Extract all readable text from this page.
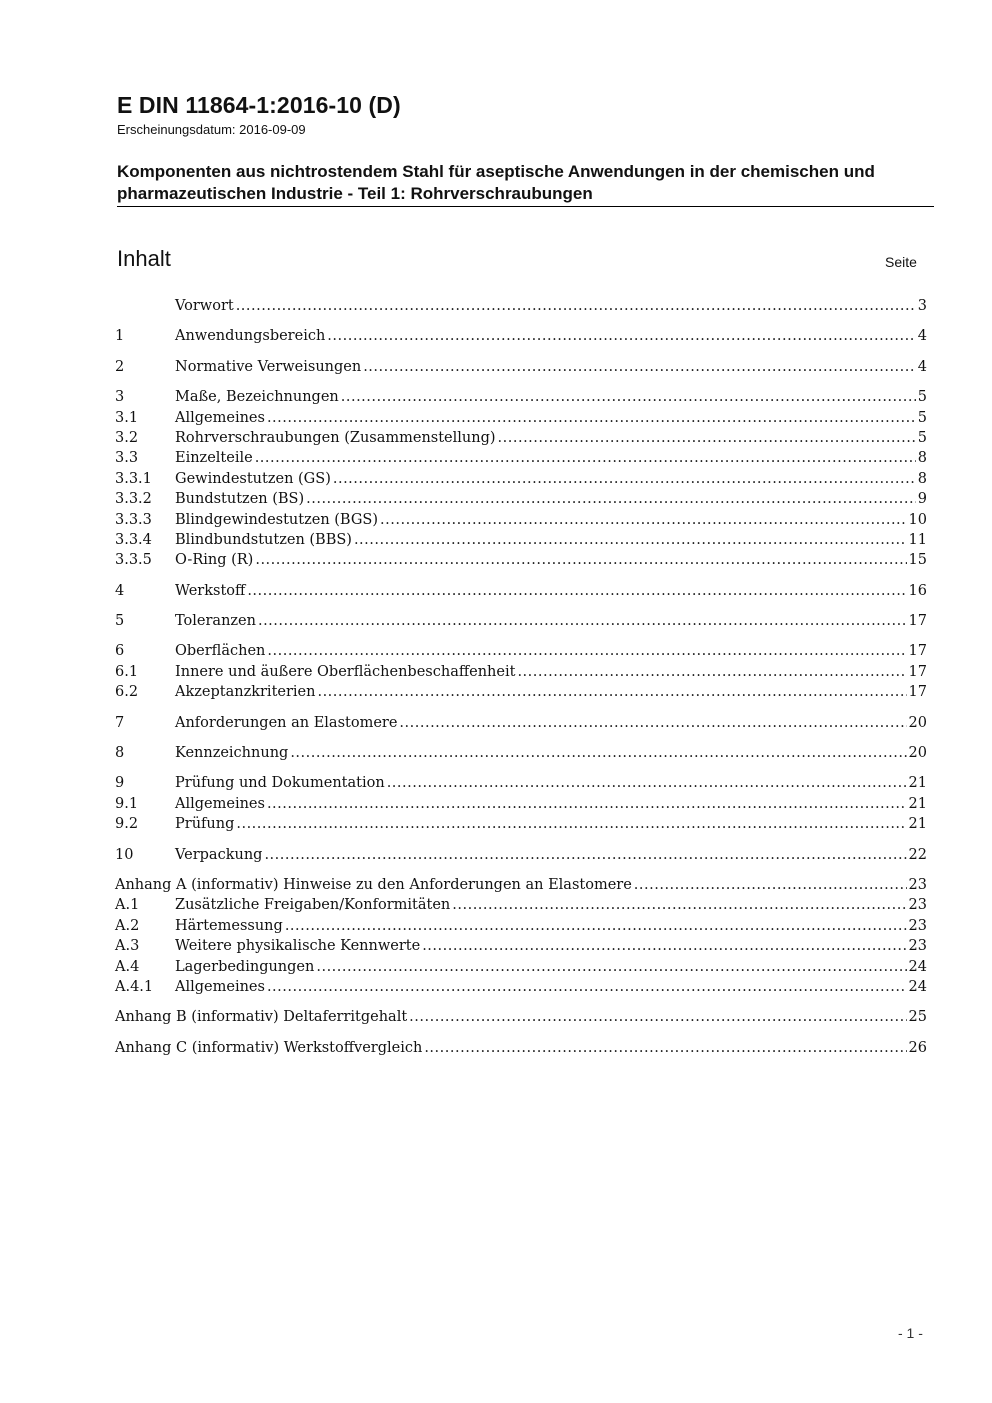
E DIN 11864-1:2016-10 (D)
Erscheinungsdatum: 2016-09-09
Komponenten aus nichtrostendem Stahl für aseptische Anwendungen in der chemischen und pharmazeutischen Industrie - Teil 1: Rohrverschraubungen
Inhalt	Seite
Vorwort .....	3
1	Anwendungsbereich .....	4
2	Normative Verweisungen .....	4
3	Maße, Bezeichnungen .....	5
3.1	Allgemeines .....	5
3.2	Rohrverschraubungen (Zusammenstellung) .....	5
3.3	Einzelteile .....	8
3.3.1	Gewindestutzen (GS) .....	8
3.3.2	Bundstutzen (BS) .....	9
3.3.3	Blindgewindestutzen (BGS) .....	10
3.3.4	Blindbundstutzen (BBS) .....	11
3.3.5	O-Ring (R) .....	15
4	Werkstoff .....	16
5	Toleranzen .....	17
6	Oberflächen .....	17
6.1	Innere und äußere Oberflächenbeschaffenheit .....	17
6.2	Akzeptanzkriterien .....	17
7	Anforderungen an Elastomere .....	20
8	Kennzeichnung .....	20
9	Prüfung und Dokumentation .....	21
9.1	Allgemeines .....	21
9.2	Prüfung .....	21
10	Verpackung .....	22
Anhang A (informativ) Hinweise zu den Anforderungen an Elastomere .....	23
A.1	Zusätzliche Freigaben/Konformitäten .....	23
A.2	Härtemessung .....	23
A.3	Weitere physikalische Kennwerte .....	23
A.4	Lagerbedingungen .....	24
A.4.1	Allgemeines .....	24
Anhang B (informativ) Deltaferritgehalt .....	25
Anhang C (informativ) Werkstoffvergleich .....	26
- 1 -
